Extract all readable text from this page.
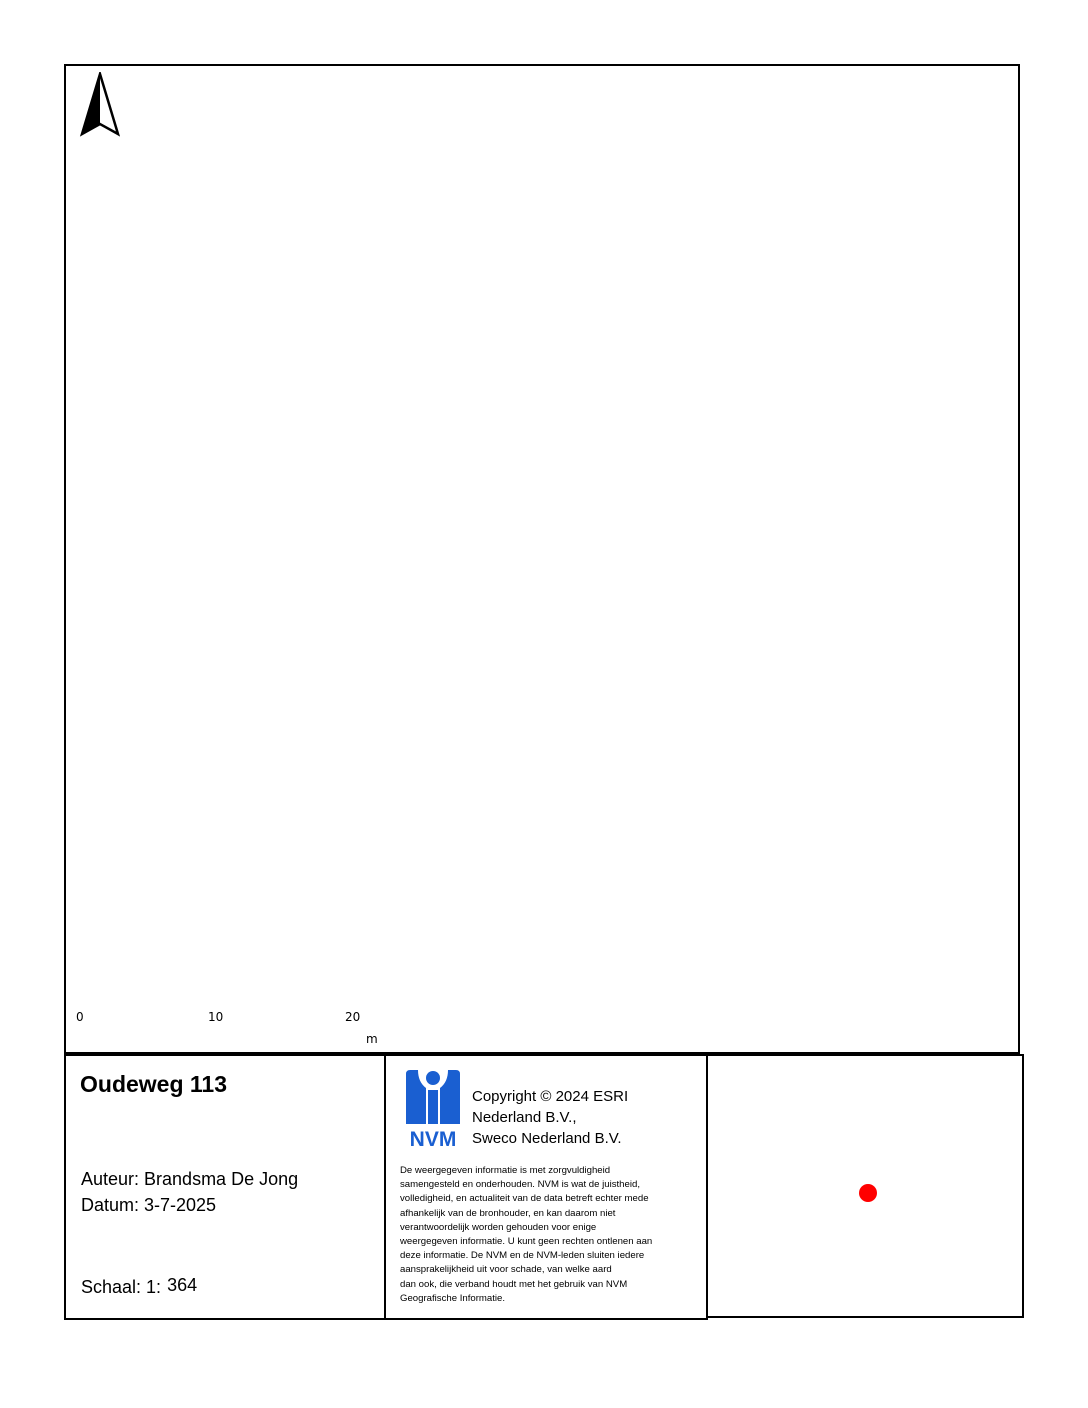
0	10	20
m
Oudeweg 113
Auteur: Brandsma De Jong
Datum: 3-7-2025
Schaal: 1: 364
NVM
Copyright © 2024 ESRI
Nederland B.V.,
Sweco Nederland B.V.
De weergegeven informatie is met zorgvuldigheid
samengesteld en onderhouden. NVM is wat de juistheid,
volledigheid, en actualiteit van de data betreft echter mede
afhankelijk van de bronhouder, en kan daarom niet
verantwoordelijk worden gehouden voor enige
weergegeven informatie. U kunt geen rechten ontlenen aan
deze informatie. De NVM en de NVM-leden sluiten iedere
aansprakelijkheid uit voor schade, van welke aard
dan ook, die verband houdt met het gebruik van NVM
Geografische Informatie.
